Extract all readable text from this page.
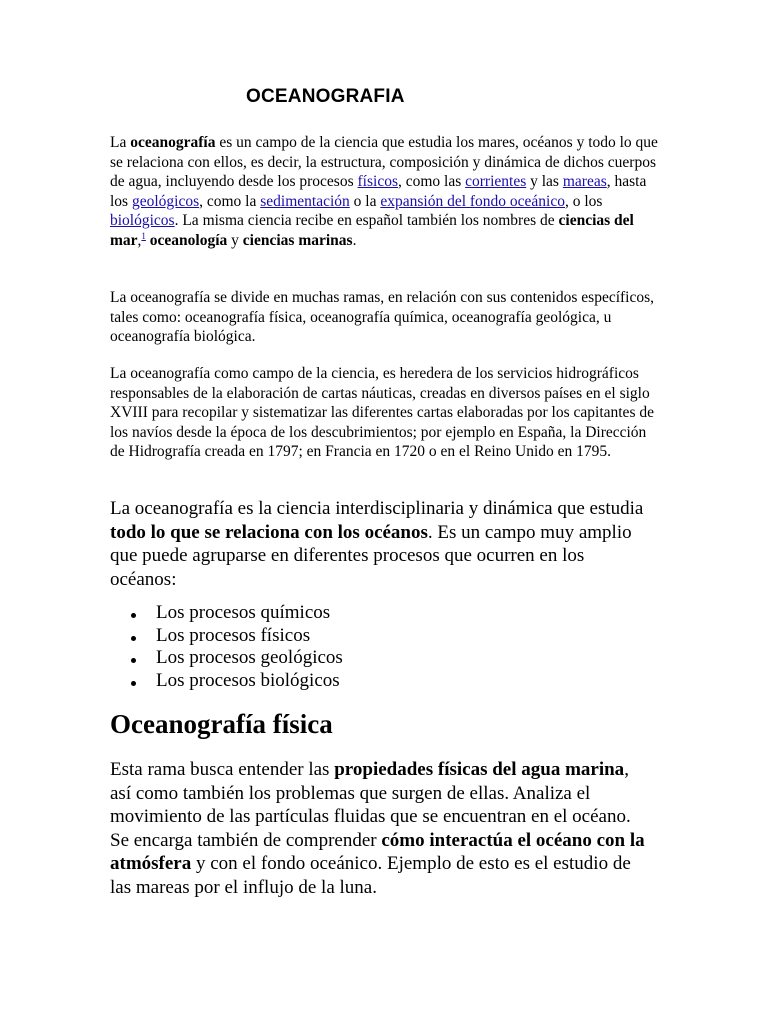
OCEANOGRAFIA

La oceanografía es un campo de la ciencia que estudia los mares, océanos y todo lo que se relaciona con ellos, es decir, la estructura, composición y dinámica de dichos cuerpos de agua, incluyendo desde los procesos físicos, como las corrientes y las mareas, hasta los geológicos, como la sedimentación o la expansión del fondo oceánico, o los biológicos. La misma ciencia recibe en español también los nombres de ciencias del mar,$^1$ oceanología y ciencias marinas.

La oceanografía se divide en muchas ramas, en relación con sus contenidos específicos, tales como: oceanografía física, oceanografía química, oceanografía geológica, u oceanografía biológica.

La oceanografía como campo de la ciencia, es heredera de los servicios hidrográficos responsables de la elaboración de cartas náuticas, creadas en diversos países en el siglo XVIII para recopilar y sistematizar las diferentes cartas elaboradas por los capitantes de los navíos desde la época de los descubrimientos; por ejemplo en España, la Dirección de Hidrografía creada en 1797; en Francia en 1720 o en el Reino Unido en 1795.

La oceanografía es la ciencia interdisciplinaria y dinámica que estudia todo lo que se relaciona con los océanos. Es un campo muy amplio que puede agruparse en diferentes procesos que ocurren en los océanos:

Los procesos químicos
Los procesos físicos
Los procesos geológicos
Los procesos biológicos
Oceanografía física

Esta rama busca entender las propiedades físicas del agua marina, así como también los problemas que surgen de ellas. Analiza el movimiento de las partículas fluidas que se encuentran en el océano. Se encarga también de comprender cómo interactúa el océano con la atmósfera y con el fondo oceánico. Ejemplo de esto es el estudio de las mareas por el influjo de la luna.
